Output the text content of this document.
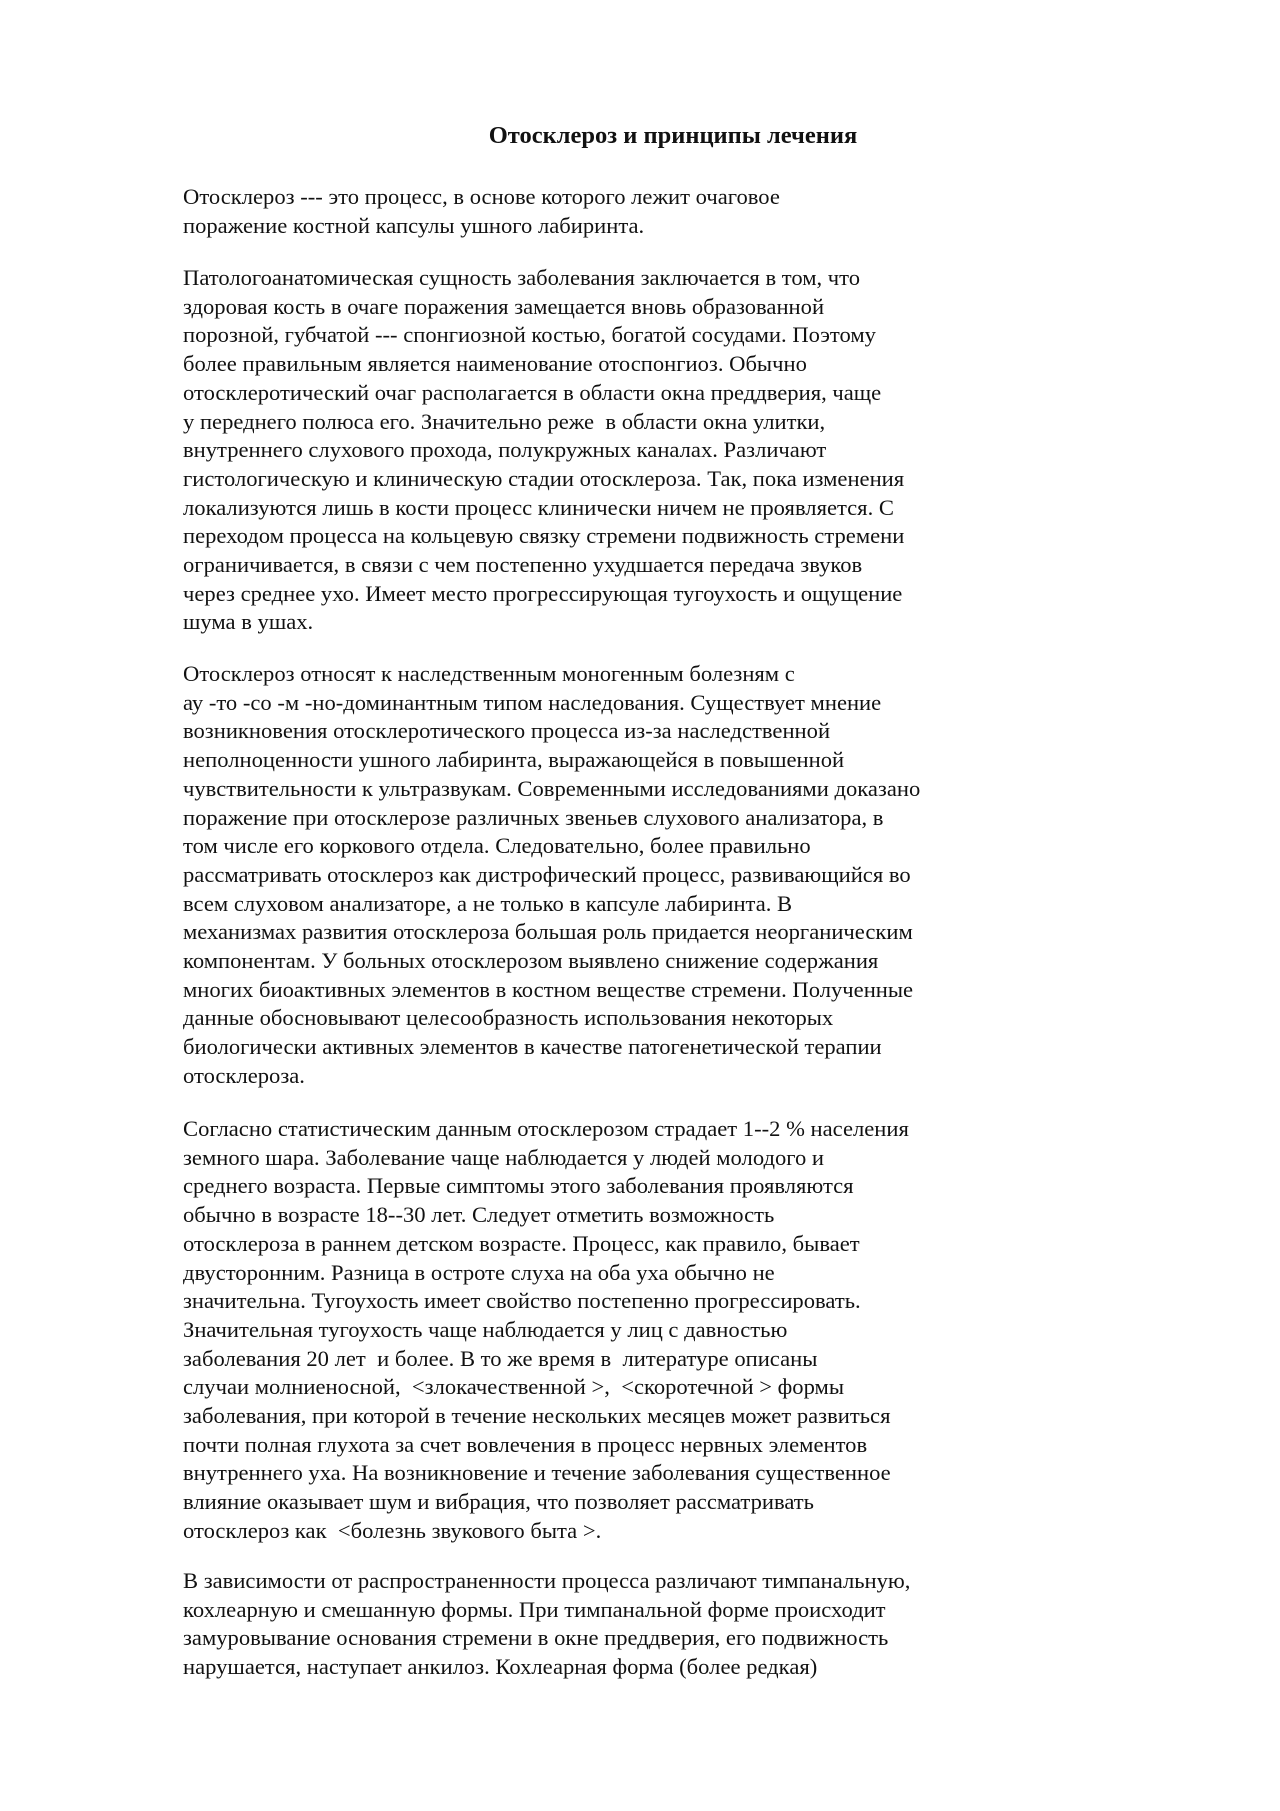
Отосклероз и принципы лечения
Отосклероз --- это процесс, в основе которого лежит очаговое
поражение костной капсулы ушного лабиринта.
Патологоанатомическая сущность заболевания заключается в том, что
здоровая кость в очаге поражения замещается вновь образованной
порозной, губчатой --- спонгиозной костью, богатой сосудами. Поэтому
более правильным является наименование отоспонгиоз. Обычно
отосклеротический очаг располагается в области окна преддверия, чаще
у переднего полюса его. Значительно реже  в области окна улитки,
внутреннего слухового прохода, полукружных каналах. Различают
гистологическую и клиническую стадии отосклероза. Так, пока изменения
локализуются лишь в кости процесс клинически ничем не проявляется. С
переходом процесса на кольцевую связку стремени подвижность стремени
ограничивается, в связи с чем постепенно ухудшается передача звуков
через среднее ухо. Имеет место прогрессирующая тугоухость и ощущение
шума в ушах.
Отосклероз относят к наследственным моногенным болезням с
ау -то -со -м -но-доминантным типом наследования. Существует мнение
возникновения отосклеротического процесса из-за наследственной
неполноценности ушного лабиринта, выражающейся в повышенной
чувствительности к ультразвукам. Современными исследованиями доказано
поражение при отосклерозе различных звеньев слухового анализатора, в
том числе его коркового отдела. Следовательно, более правильно
рассматривать отосклероз как дистрофический процесс, развивающийся во
всем слуховом анализаторе, а не только в капсуле лабиринта. В
механизмах развития отосклероза большая роль придается неорганическим
компонентам. У больных отосклерозом выявлено снижение содержания
многих биоактивных элементов в костном веществе стремени. Полученные
данные обосновывают целесообразность использования некоторых
биологически активных элементов в качестве патогенетической терапии
отосклероза.
Согласно статистическим данным отосклерозом страдает 1--2 % населения
земного шара. Заболевание чаще наблюдается у людей молодого и
среднего возраста. Первые симптомы этого заболевания проявляются
обычно в возрасте 18--30 лет. Следует отметить возможность
отосклероза в раннем детском возрасте. Процесс, как правило, бывает
двусторонним. Разница в остроте слуха на оба уха обычно не
значительна. Тугоухость имеет свойство постепенно прогрессировать.
Значительная тугоухость чаще наблюдается у лиц с давностью
заболевания 20 лет  и более. В то же время в  литературе описаны
случаи молниеносной,  <злокачественной >,  <скоротечной > формы
заболевания, при которой в течение нескольких месяцев может развиться
почти полная глухота за счет вовлечения в процесс нервных элементов
внутреннего уха. На возникновение и течение заболевания существенное
влияние оказывает шум и вибрация, что позволяет рассматривать
отосклероз как  <болезнь звукового быта >.
В зависимости от распространенности процесса различают тимпанальную,
кохлеарную и смешанную формы. При тимпанальной форме происходит
замуровывание основания стремени в окне преддверия, его подвижность
нарушается, наступает анкилоз. Кохлеарная форма (более редкая)
